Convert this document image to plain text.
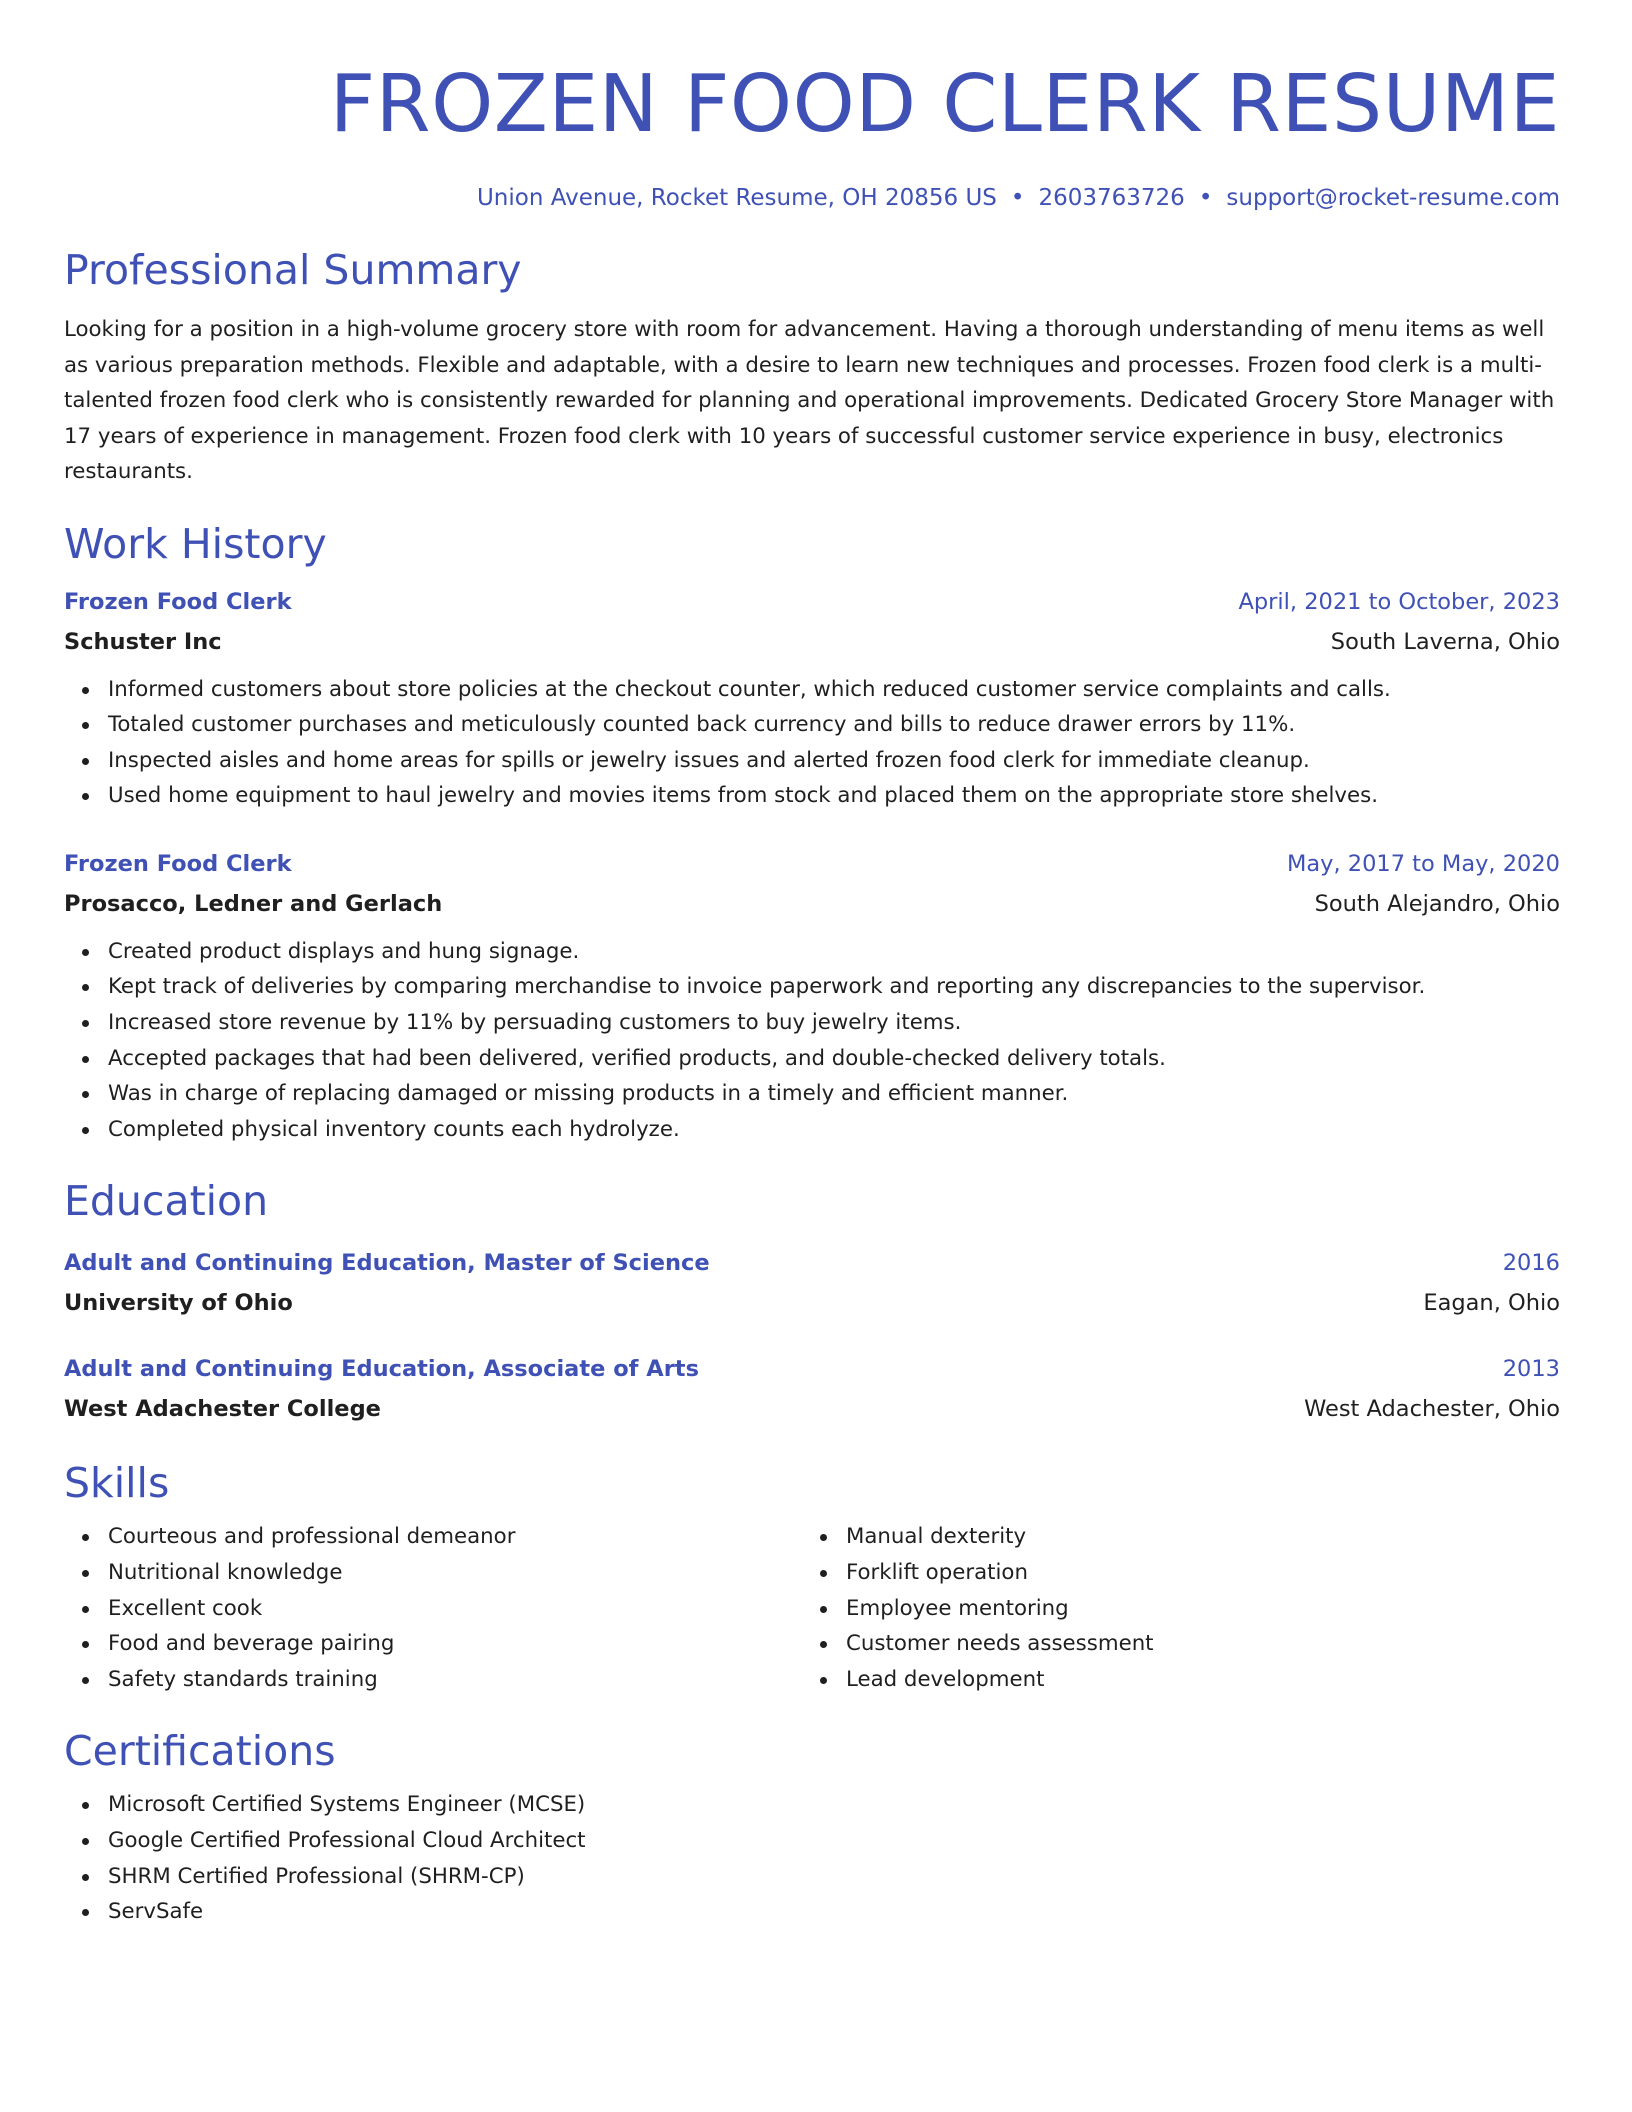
FROZEN FOOD CLERK RESUME
Union Avenue, Rocket Resume, OH 20856 US • 2603763726 • support@rocket-resume.com
Professional Summary
Looking for a position in a high-volume grocery store with room for advancement. Having a thorough understanding of menu items as well as various preparation methods. Flexible and adaptable, with a desire to learn new techniques and processes. Frozen food clerk is a multi-talented frozen food clerk who is consistently rewarded for planning and operational improvements. Dedicated Grocery Store Manager with 17 years of experience in management. Frozen food clerk with 10 years of successful customer service experience in busy, electronics restaurants.
Work History
Frozen Food Clerk	April, 2021 to October, 2023
Schuster Inc	South Laverna, Ohio
Informed customers about store policies at the checkout counter, which reduced customer service complaints and calls.
Totaled customer purchases and meticulously counted back currency and bills to reduce drawer errors by 11%.
Inspected aisles and home areas for spills or jewelry issues and alerted frozen food clerk for immediate cleanup.
Used home equipment to haul jewelry and movies items from stock and placed them on the appropriate store shelves.
Frozen Food Clerk	May, 2017 to May, 2020
Prosacco, Ledner and Gerlach	South Alejandro, Ohio
Created product displays and hung signage.
Kept track of deliveries by comparing merchandise to invoice paperwork and reporting any discrepancies to the supervisor.
Increased store revenue by 11% by persuading customers to buy jewelry items.
Accepted packages that had been delivered, verified products, and double-checked delivery totals.
Was in charge of replacing damaged or missing products in a timely and efficient manner.
Completed physical inventory counts each hydrolyze.
Education
Adult and Continuing Education, Master of Science	2016
University of Ohio	Eagan, Ohio
Adult and Continuing Education, Associate of Arts	2013
West Adachester College	West Adachester, Ohio
Skills
Courteous and professional demeanor
Nutritional knowledge
Excellent cook
Food and beverage pairing
Safety standards training
Manual dexterity
Forklift operation
Employee mentoring
Customer needs assessment
Lead development
Certifications
Microsoft Certified Systems Engineer (MCSE)
Google Certified Professional Cloud Architect
SHRM Certified Professional (SHRM-CP)
ServSafe
